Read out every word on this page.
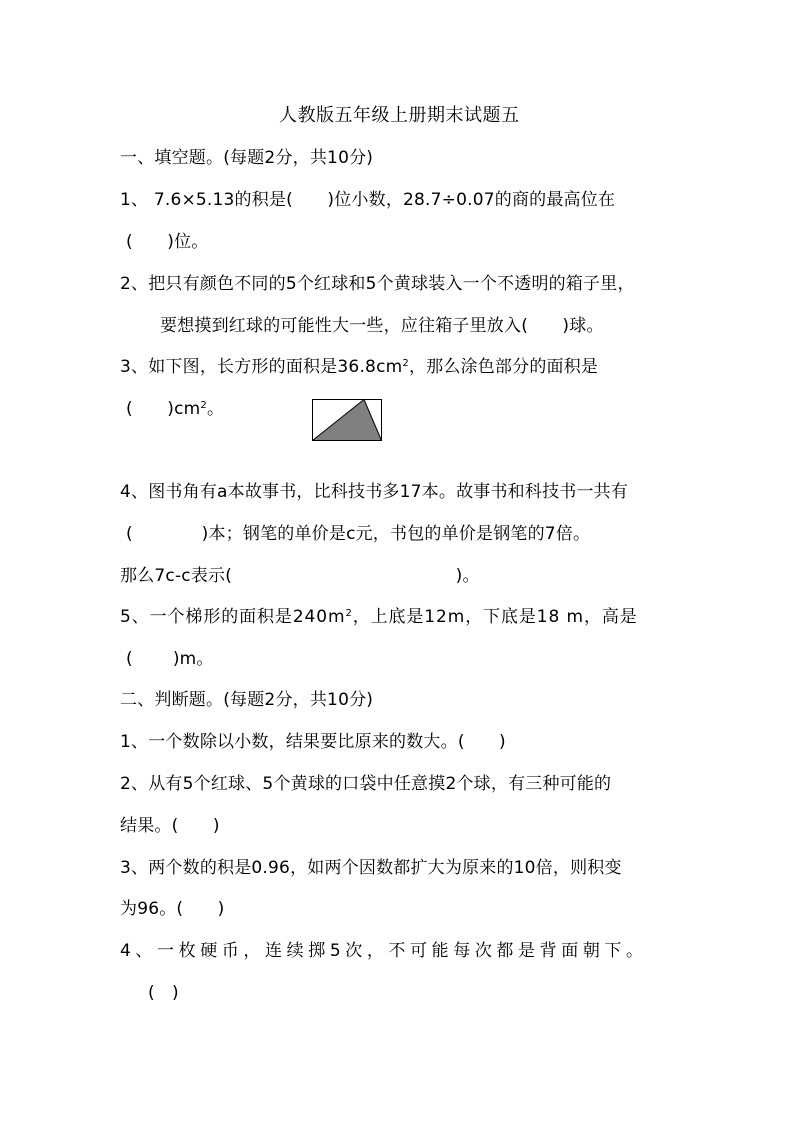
人教版五年级上册期末试题五
一、填空题。(每题2分，共10分)
1、 7.6×5.13的积是(　　)位小数，28.7÷0.07的商的最高位在
(　　)位。
2、把只有颜色不同的5个红球和5个黄球装入一个不透明的箱子里，
要想摸到红球的可能性大一些，应往箱子里放入(　　)球。
3、如下图，长方形的面积是$36.8cm^2$，那么涂色部分的面积是
(　　)$cm^2$。
4、图书角有a本故事书，比科技书多17本。故事书和科技书一共有
(　　　　)本；钢笔的单价是c元，书包的单价是钢笔的7倍。
那么7c-c表示(　　　　　　　　　　　　　)。
5、一个梯形的面积是$240m^2$，上底是12m，下底是18 m，高是
(　　 )m。
二、判断题。(每题2分，共10分)
1、一个数除以小数，结果要比原来的数大。(　　)
2、从有5个红球、5个黄球的口袋中任意摸2个球，有三种可能的
结果。(　　)
3、两个数的积是0.96，如两个因数都扩大为原来的10倍，则积变
为96。(　　)
4、一枚硬币，连续掷5次，不可能每次都是背面朝下。
(　)
